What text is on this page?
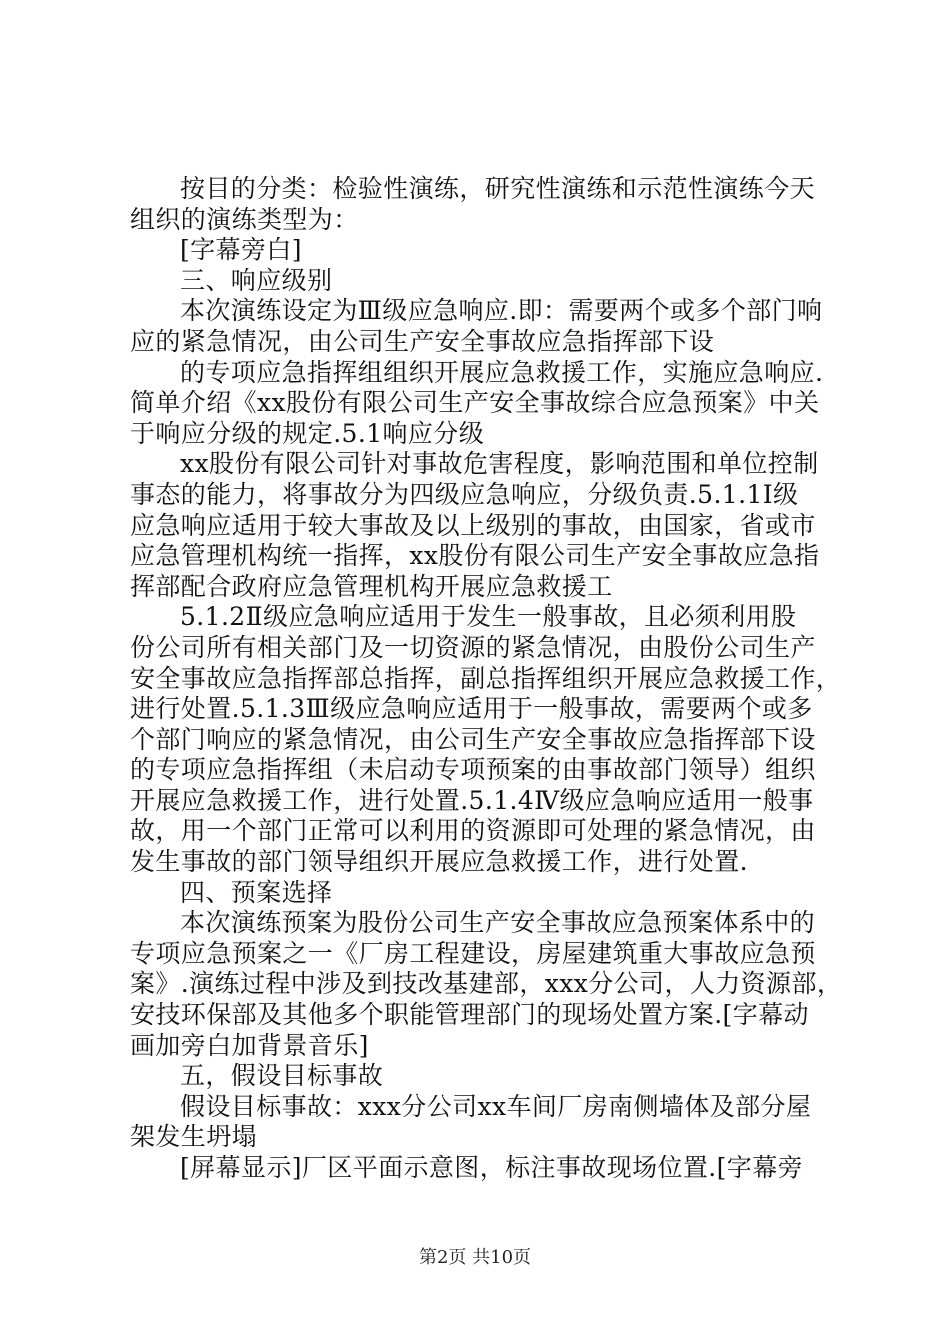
按目的分类：检验性演练，研究性演练和示范性演练今天
组织的演练类型为：
[字幕旁白]
三、响应级别
本次演练设定为Ⅲ级应急响应.即：需要两个或多个部门响
应的紧急情况，由公司生产安全事故应急指挥部下设
的专项应急指挥组组织开展应急救援工作，实施应急响应.
简单介绍《xx股份有限公司生产安全事故综合应急预案》中关
于响应分级的规定.5.1响应分级
xx股份有限公司针对事故危害程度，影响范围和单位控制
事态的能力，将事故分为四级应急响应，分级负责.5.1.1Ⅰ级
应急响应适用于较大事故及以上级别的事故，由国家，省或市
应急管理机构统一指挥，xx股份有限公司生产安全事故应急指
挥部配合政府应急管理机构开展应急救援工
5.1.2Ⅱ级应急响应适用于发生一般事故，且必须利用股
份公司所有相关部门及一切资源的紧急情况，由股份公司生产
安全事故应急指挥部总指挥，副总指挥组织开展应急救援工作，
进行处置.5.1.3Ⅲ级应急响应适用于一般事故，需要两个或多
个部门响应的紧急情况，由公司生产安全事故应急指挥部下设
的专项应急指挥组（未启动专项预案的由事故部门领导）组织
开展应急救援工作，进行处置.5.1.4Ⅳ级应急响应适用一般事
故，用一个部门正常可以利用的资源即可处理的紧急情况，由
发生事故的部门领导组织开展应急救援工作，进行处置.
四、预案选择
本次演练预案为股份公司生产安全事故应急预案体系中的
专项应急预案之一《厂房工程建设，房屋建筑重大事故应急预
案》.演练过程中涉及到技改基建部，xxx分公司，人力资源部，
安技环保部及其他多个职能管理部门的现场处置方案.[字幕动
画加旁白加背景音乐]
五，假设目标事故
假设目标事故：xxx分公司xx车间厂房南侧墙体及部分屋
架发生坍塌
[屏幕显示]厂区平面示意图，标注事故现场位置.[字幕旁
第2页 共10页
